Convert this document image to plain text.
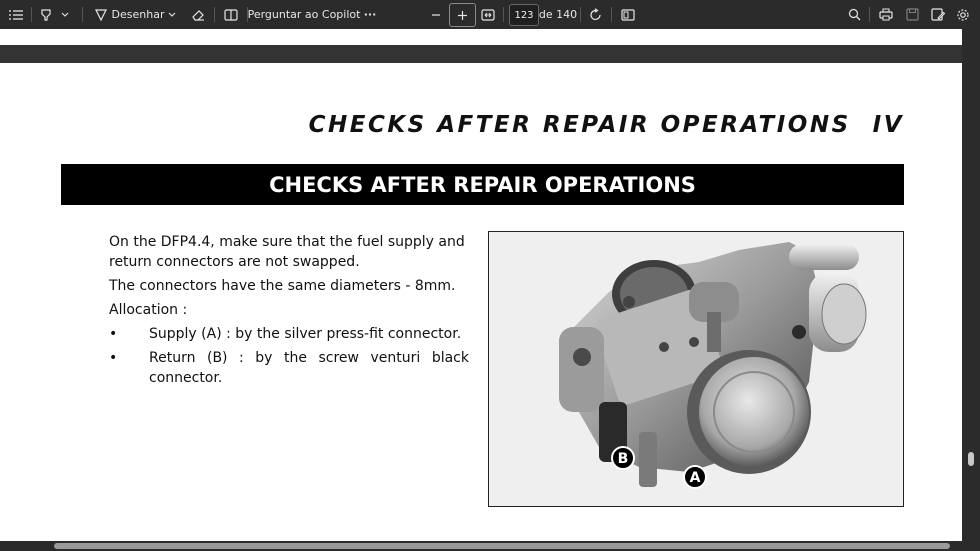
Desenhar	Perguntar ao Copilot ···	123 de 140
CHECKS AFTER REPAIR OPERATIONS IV
CHECKS AFTER REPAIR OPERATIONS

On the DFP4.4, make sure that the fuel supply and return connectors are not swapped.

The connectors have the same diameters - 8mm.

Allocation :

•	Supply (A) : by the silver press-fit connector.
•	Return (B) : by the screw venturi black connector.
B
A
